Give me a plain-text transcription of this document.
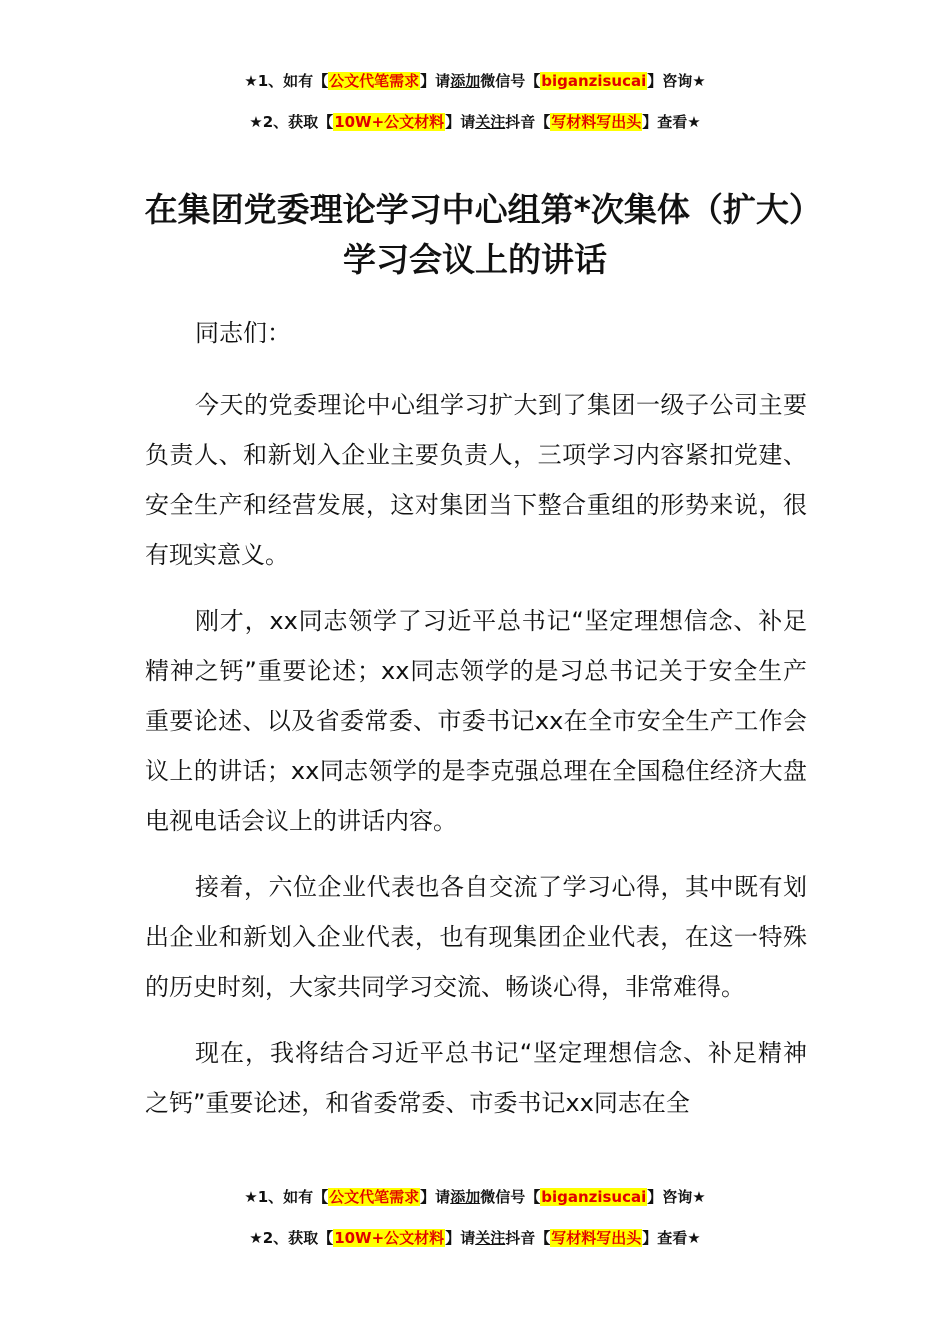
★1、如有【公文代笔需求】请添加微信号【biganzisucai】咨询★
★2、获取【10W+公文材料】请关注抖音【写材料写出头】查看★
在集团党委理论学习中心组第*次集体（扩大）学习会议上的讲话

同志们：

今天的党委理论中心组学习扩大到了集团一级子公司主要负责人、和新划入企业主要负责人，三项学习内容紧扣党建、安全生产和经营发展，这对集团当下整合重组的形势来说，很有现实意义。

刚才，xx同志领学了习近平总书记“坚定理想信念、补足精神之钙”重要论述；xx同志领学的是习总书记关于安全生产重要论述、以及省委常委、市委书记xx在全市安全生产工作会议上的讲话；xx同志领学的是李克强总理在全国稳住经济大盘电视电话会议上的讲话内容。

接着，六位企业代表也各自交流了学习心得，其中既有划出企业和新划入企业代表，也有现集团企业代表，在这一特殊的历史时刻，大家共同学习交流、畅谈心得，非常难得。

现在，我将结合习近平总书记“坚定理想信念、补足精神之钙”重要论述，和省委常委、市委书记xx同志在全

★1、如有【公文代笔需求】请添加微信号【biganzisucai】咨询★
★2、获取【10W+公文材料】请关注抖音【写材料写出头】查看★
